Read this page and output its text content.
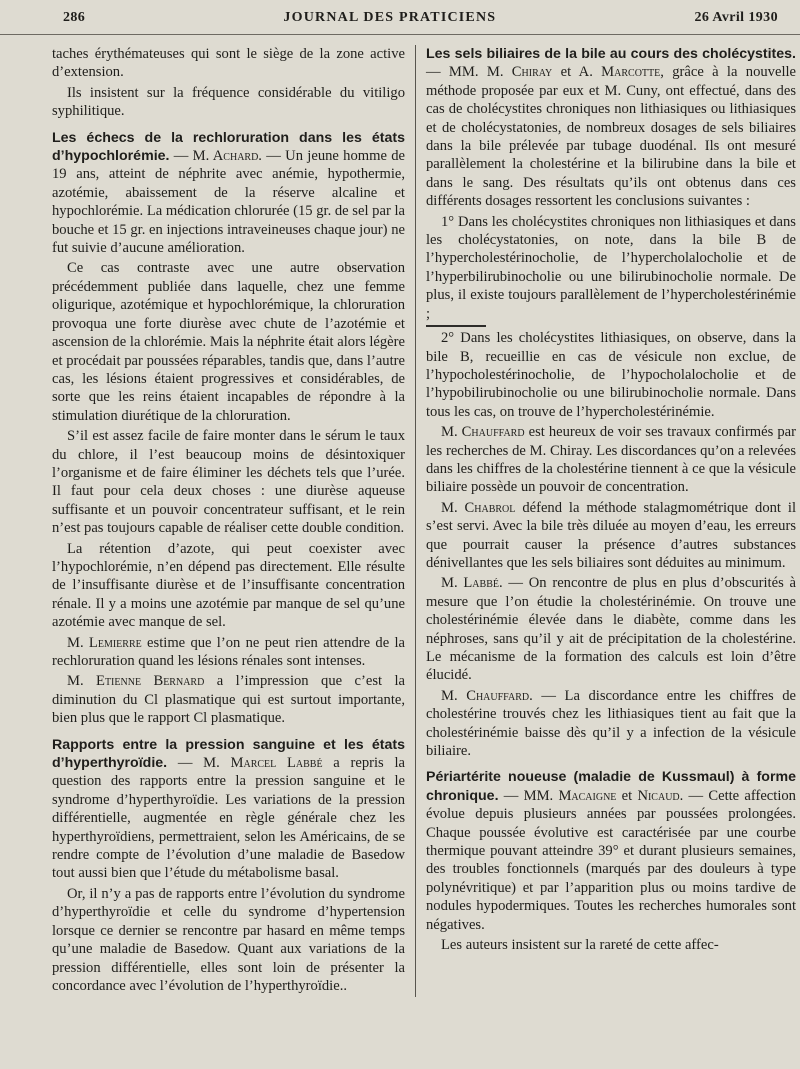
286	JOURNAL DES PRATICIENS	26 Avril 1930

taches érythémateuses qui sont le siège de la zone active d’extension.

Ils insistent sur la fréquence considérable du vitiligo syphilitique.

Les échecs de la rechloruration dans les états d’hypochlorémie. — M. Achard. — Un jeune homme de 19 ans, atteint de néphrite avec anémie, hypothermie, azotémie, abaissement de la réserve alcaline et hypochlorémie. La médication chlorurée (15 gr. de sel par la bouche et 15 gr. en injections intraveineuses chaque jour) ne fut suivie d’aucune amélioration.

Ce cas contraste avec une autre observation précédemment publiée dans laquelle, chez une femme oligurique, azotémique et hypochlorémique, la chloruration provoqua une forte diurèse avec chute de l’azotémie et ascension de la chlorémie. Mais la néphrite était alors légère et procédait par poussées réparables, tandis que, dans l’autre cas, les lésions étaient progressives et considérables, de sorte que les reins étaient incapables de répondre à la stimulation diurétique de la chloruration.

S’il est assez facile de faire monter dans le sérum le taux du chlore, il l’est beaucoup moins de désintoxiquer l’organisme et de faire éliminer les déchets tels que l’urée. Il faut pour cela deux choses : une diurèse aqueuse suffisante et un pouvoir concentrateur suffisant, et le rein n’est pas toujours capable de réaliser cette double condition.

La rétention d’azote, qui peut coexister avec l’hypochlorémie, n’en dépend pas directement. Elle résulte de l’insuffisante diurèse et de l’insuffisante concentration rénale. Il y a moins une azotémie par manque de sel qu’une azotémie avec manque de sel.

M. Lemierre estime que l’on ne peut rien attendre de la rechloruration quand les lésions rénales sont intenses.

M. Etienne Bernard a l’impression que c’est la diminution du Cl plasmatique qui est surtout importante, bien plus que le rapport Cl plasmatique.

Rapports entre la pression sanguine et les états d’hyperthyroïdie. — M. Marcel Labbé a repris la question des rapports entre la pression sanguine et le syndrome d’hyperthyroïdie. Les variations de la pression différentielle, augmentée en règle générale chez les hyperthyroïdiens, permettraient, selon les Américains, de se rendre compte de l’évolution d’une maladie de Basedow tout aussi bien que l’étude du métabolisme basal.

Or, il n’y a pas de rapports entre l’évolution du syndrome d’hyperthyroïdie et celle du syndrome d’hypertension lorsque ce dernier se rencontre par hasard en même temps qu’une maladie de Basedow. Quant aux variations de la pression différentielle, elles sont loin de présenter la concordance avec l’évolution de l’hyperthyroïdie..

Les sels biliaires de la bile au cours des cholécystites. — MM. M. Chiray et A. Marcotte, grâce à la nouvelle méthode proposée par eux et M. Cuny, ont effectué, dans des cas de cholécystites chroniques non lithiasiques ou lithiasiques et de cholécystatonies, de nombreux dosages de sels biliaires dans la bile prélevée par tubage duodénal. Ils ont mesuré parallèlement la cholestérine et la bilirubine dans la bile et dans le sang. Des résultats qu’ils ont obtenus dans ces différents dosages ressortent les conclusions suivantes :

1° Dans les cholécystites chroniques non lithiasiques et dans les cholécystatonies, on note, dans la bile B de l’hypercholestérinocholie, de l’hypercholalocholie et de l’hyperbilirubinocholie ou une bilirubinocholie normale. De plus, il existe toujours parallèlement de l’hypercholestérinémie ;

2° Dans les cholécystites lithiasiques, on observe, dans la bile B, recueillie en cas de vésicule non exclue, de l’hypocholestérinocholie, de l’hypocholalocholie et de l’hypobilirubinocholie ou une bilirubinocholie normale. Dans tous les cas, on trouve de l’hypercholestérinémie.

M. Chauffard est heureux de voir ses travaux confirmés par les recherches de M. Chiray. Les discordances qu’on a relevées dans les chiffres de la cholestérine tiennent à ce que la vésicule biliaire possède un pouvoir de concentration.

M. Chabrol défend la méthode stalagmométrique dont il s’est servi. Avec la bile très diluée au moyen d’eau, les erreurs que pourrait causer la présence d’autres substances dénivellantes que les sels biliaires sont déduites au minimum.

M. Labbé. — On rencontre de plus en plus d’obscurités à mesure que l’on étudie la cholestérinémie. On trouve une cholestérinémie élevée dans le diabète, comme dans les néphroses, sans qu’il y ait de précipitation de la cholestérine. Le mécanisme de la formation des calculs est loin d’être élucidé.

M. Chauffard. — La discordance entre les chiffres de cholestérine trouvés chez les lithiasiques tient au fait que la cholestérinémie baisse dès qu’il y a infection de la vésicule biliaire.

Périartérite noueuse (maladie de Kussmaul) à forme chronique. — MM. Macaigne et Nicaud. — Cette affection évolue depuis plusieurs années par poussées prolongées. Chaque poussée évolutive est caractérisée par une courbe thermique pouvant atteindre 39° et durant plusieurs semaines, des troubles fonctionnels (marqués par des douleurs à type polynévritique) et par l’apparition plus ou moins tardive de nodules hypodermiques. Toutes les recherches humorales sont négatives.

Les auteurs insistent sur la rareté de cette affec-
